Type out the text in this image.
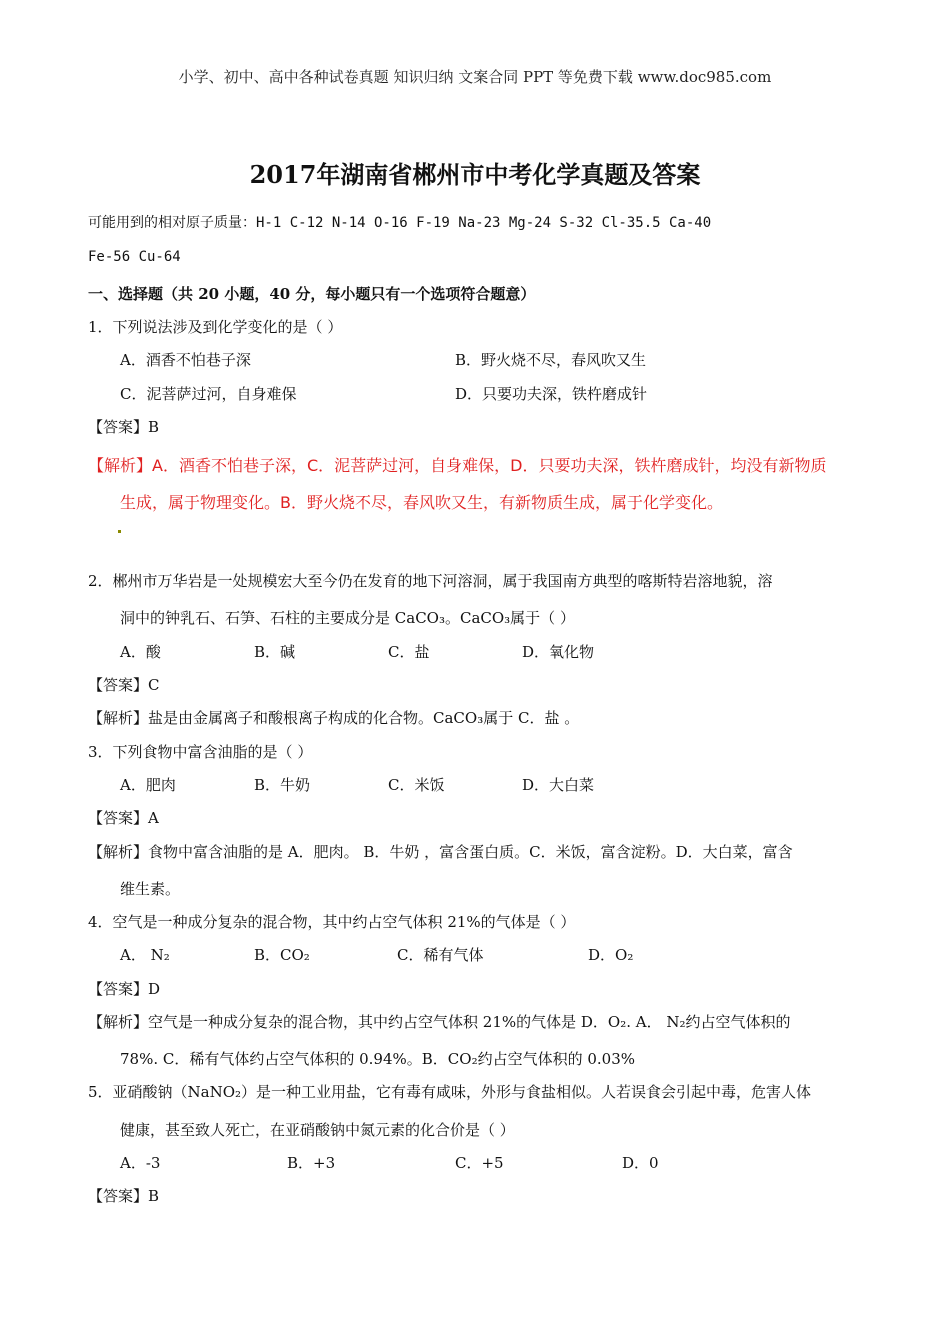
小学、初中、高中各种试卷真题 知识归纳 文案合同 PPT 等免费下载 www.doc985.com
2017年湖南省郴州市中考化学真题及答案
可能用到的相对原子质量：H-1 C-12 N-14 O-16 F-19 Na-23 Mg-24 S-32 Cl-35.5 Ca-40
Fe-56 Cu-64
一、选择题（共 20 小题，40 分，每小题只有一个选项符合题意）
1．下列说法涉及到化学变化的是（ ）
A．酒香不怕巷子深	B．野火烧不尽，春风吹又生
C．泥菩萨过河，自身难保	D．只要功夫深，铁杵磨成针
【答案】B
【解析】A．酒香不怕巷子深，C．泥菩萨过河，自身难保，D．只要功夫深，铁杵磨成针，均没有新物质
生成，属于物理变化。B．野火烧不尽，春风吹又生，有新物质生成，属于化学变化。
2．郴州市万华岩是一处规模宏大至今仍在发育的地下河溶洞，属于我国南方典型的喀斯特岩溶地貌，溶
洞中的钟乳石、石笋、石柱的主要成分是 CaCO₃。CaCO₃属于（ ）
A．酸	B．碱	C．盐	D．氧化物
【答案】C
【解析】盐是由金属离子和酸根离子构成的化合物。CaCO₃属于 C．盐 。
3．下列食物中富含油脂的是（ ）
A．肥肉	B．牛奶	C．米饭	D．大白菜
【答案】A
【解析】食物中富含油脂的是 A．肥肉。 B．牛奶 ，富含蛋白质。C．米饭，富含淀粉。D．大白菜，富含
维生素。
4．空气是一种成分复杂的混合物，其中约占空气体积 21%的气体是（ ）
A． N₂	B．CO₂	C．稀有气体	D．O₂
【答案】D
【解析】空气是一种成分复杂的混合物，其中约占空气体积 21%的气体是 D．O₂. A． N₂约占空气体积的
78%. C．稀有气体约占空气体积的 0.94%。B．CO₂约占空气体积的 0.03%
5．亚硝酸钠（NaNO₂）是一种工业用盐，它有毒有咸味，外形与食盐相似。人若误食会引起中毒，危害人体
健康，甚至致人死亡，在亚硝酸钠中氮元素的化合价是（ ）
A．-3	B．+3	C．+5	D．0
【答案】B
